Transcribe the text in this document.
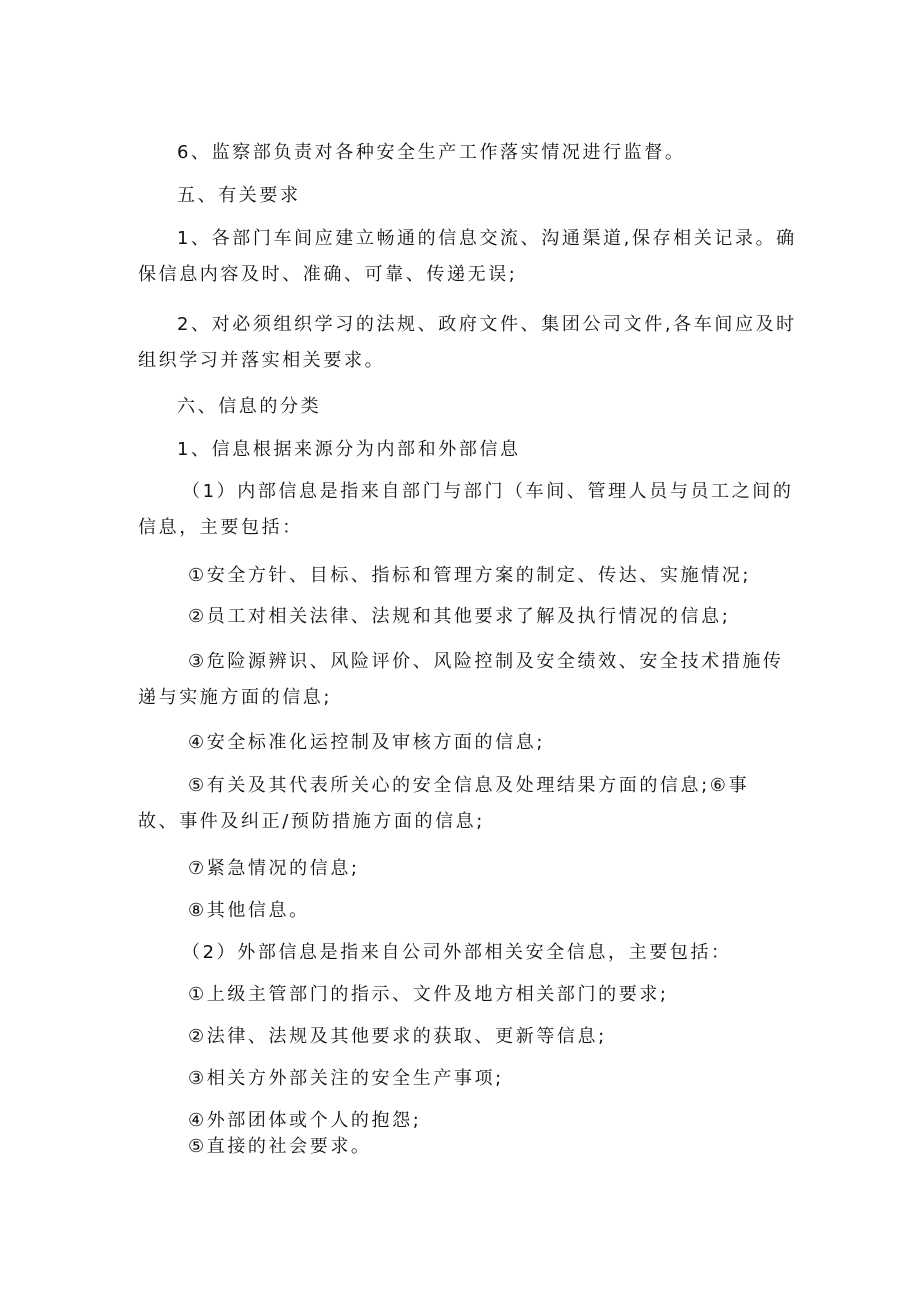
6、监察部负责对各种安全生产工作落实情况进行监督。
五、有关要求
1、各部门车间应建立畅通的信息交流、沟通渠道,保存相关记录。确
保信息内容及时、准确、可靠、传递无误;
2、对必须组织学习的法规、政府文件、集团公司文件,各车间应及时
组织学习并落实相关要求。
六、信息的分类
1、信息根据来源分为内部和外部信息
（1）内部信息是指来自部门与部门（车间、管理人员与员工之间的
信息，主要包括：
①安全方针、目标、指标和管理方案的制定、传达、实施情况;
②员工对相关法律、法规和其他要求了解及执行情况的信息;
③危险源辨识、风险评价、风险控制及安全绩效、安全技术措施传
递与实施方面的信息;
④安全标准化运控制及审核方面的信息;
⑤有关及其代表所关心的安全信息及处理结果方面的信息;⑥事
故、事件及纠正/预防措施方面的信息;
⑦紧急情况的信息;
⑧其他信息。
（2）外部信息是指来自公司外部相关安全信息，主要包括：
①上级主管部门的指示、文件及地方相关部门的要求;
②法律、法规及其他要求的获取、更新等信息;
③相关方外部关注的安全生产事项;
④外部团体或个人的抱怨;
⑤直接的社会要求。
